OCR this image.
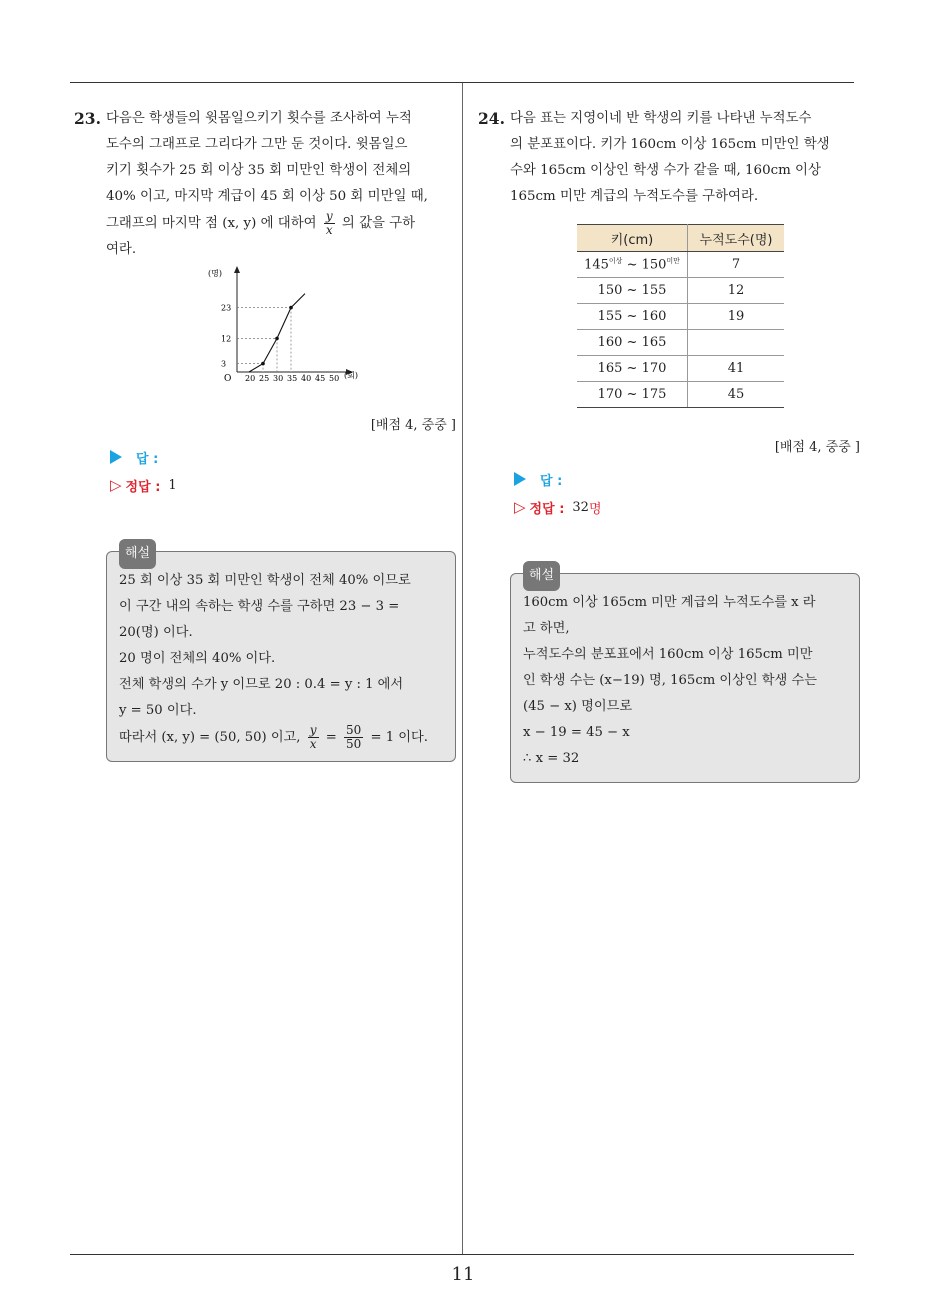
11
23. 다음은 학생들의 윗몸일으키기 횟수를 조사하여 누적
도수의 그래프로 그리다가 그만 둔 것이다. 윗몸일으
키기 횟수가 25 회 이상 35 회 미만인 학생이 전체의
40% 이고, 마지막 계급이 45 회 이상 50 회 미만일 때,
그래프의 마지막 점 (x, y) 에 대하여 $\frac{y}{x}$ 의 값을 구하
여라.
(명)
(회)
O 20 25 30 35 40 45 50
23
12
3
[배점 4, 중중 ]
답 :
▷ 정답 : 1
해설
25 회 이상 35 회 미만인 학생이 전체 40% 이므로
이 구간 내의 속하는 학생 수를 구하면 23 − 3 =
20(명) 이다.
20 명이 전체의 40% 이다.
전체 학생의 수가 y 이므로 20 : 0.4 = y : 1 에서
y = 50 이다.
따라서 (x, y) = (50, 50) 이고, $\frac{y}{x} = \frac{50}{50} = 1$ 이다.
24. 다음 표는 지영이네 반 학생의 키를 나타낸 누적도수
의 분포표이다. 키가 160cm 이상 165cm 미만인 학생
수와 165cm 이상인 학생 수가 같을 때, 160cm 이상
165cm 미만 계급의 누적도수를 구하여라.
키(cm)	누적도수(명)
$145^{이상}$ ~ $150^{미만}$	7
150 ~ 155	12
155 ~ 160	19
160 ~ 165	
165 ~ 170	41
170 ~ 175	45
[배점 4, 중중 ]
답 :
▷ 정답 : 32 명
해설
160cm 이상 165cm 미만 계급의 누적도수를 x 라
고 하면,
누적도수의 분포표에서 160cm 이상 165cm 미만
인 학생 수는 (x−19) 명, 165cm 이상인 학생 수는
(45 − x) 명이므로
x − 19 = 45 − x
∴ x = 32
